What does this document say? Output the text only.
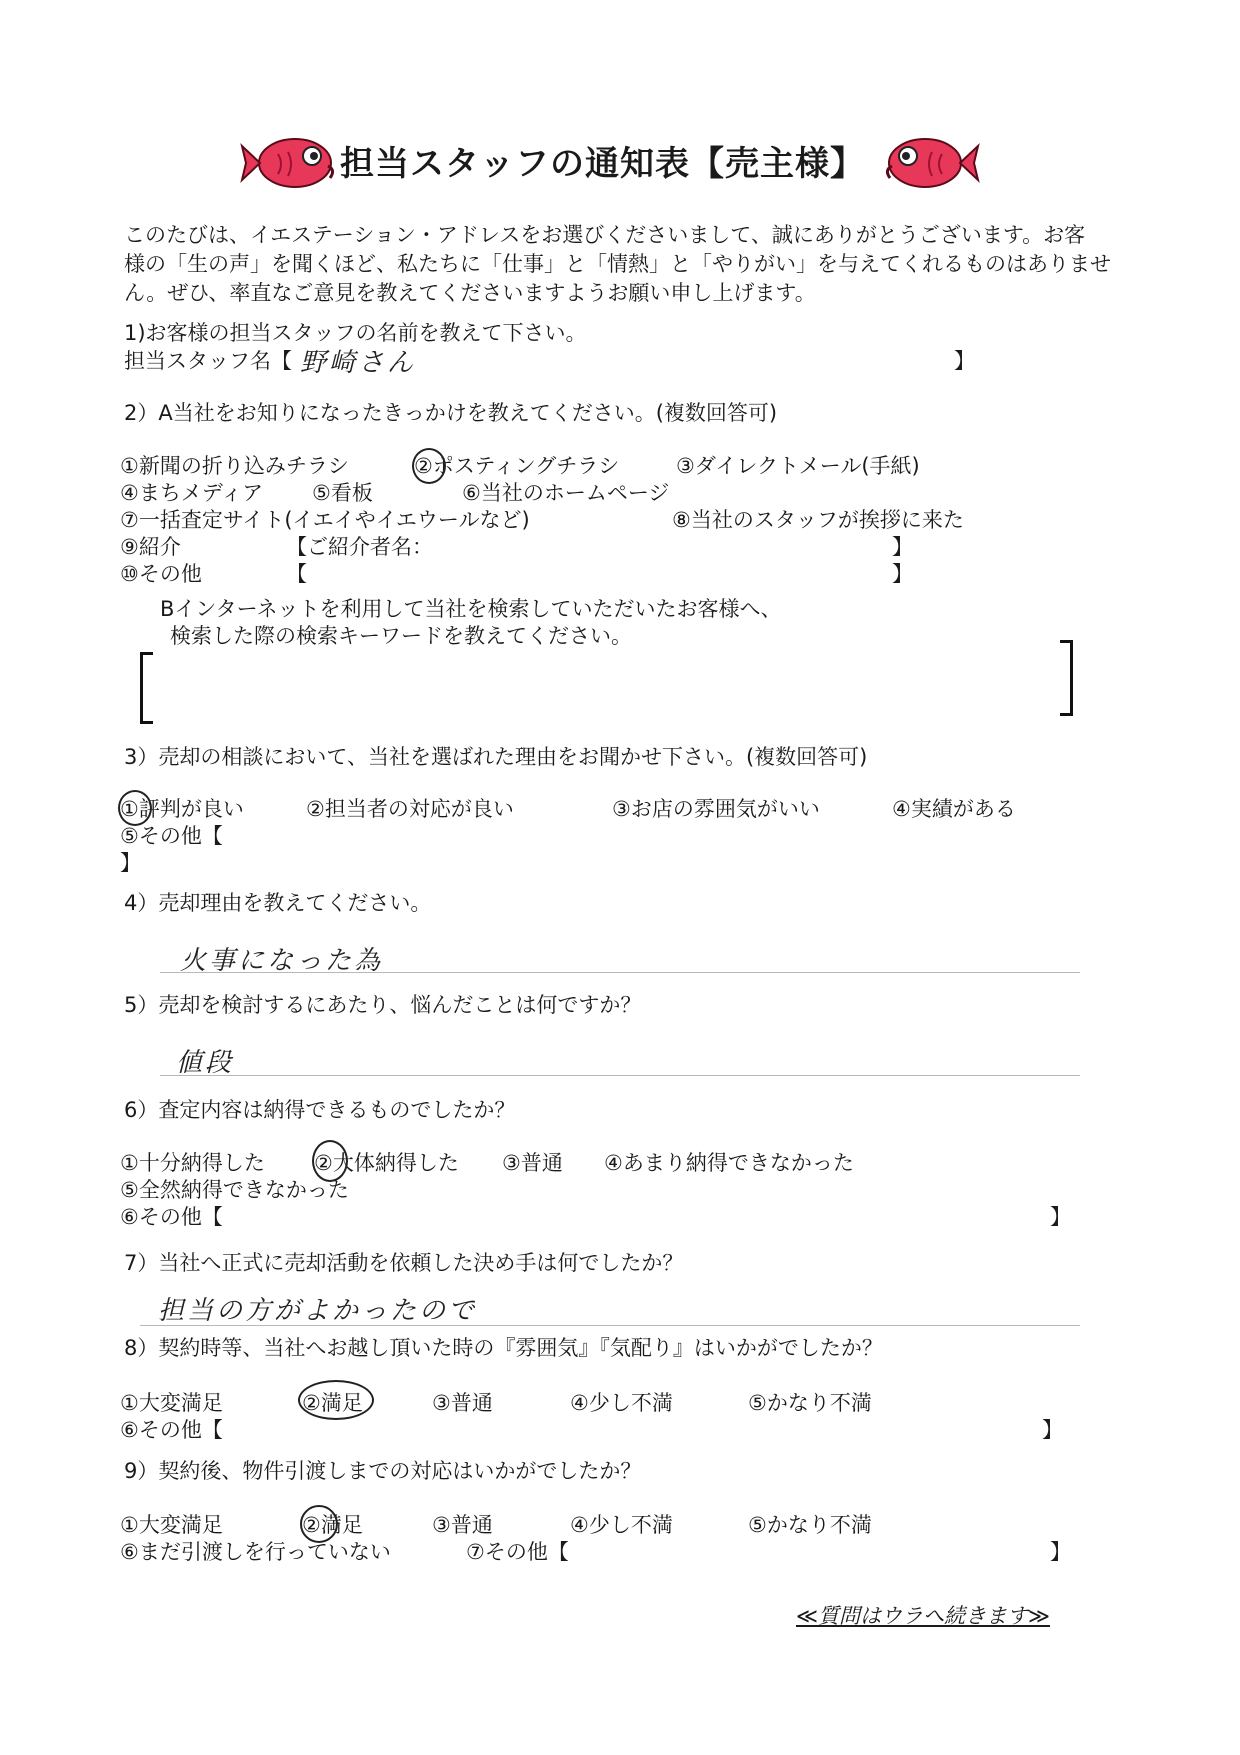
担当スタッフの通知表【売主様】
このたびは、イエステーション・アドレスをお選びくださいまして、誠にありがとうございます。お客
様の「生の声」を聞くほど、私たちに「仕事」と「情熱」と「やりがい」を与えてくれるものはありませ
ん。ぜひ、率直なご意見を教えてくださいますようお願い申し上げます。
1)お客様の担当スタッフの名前を教えて下さい。
担当スタッフ名【 野崎さん	】
2）A当社をお知りになったきっかけを教えてください。(複数回答可)
①新聞の折り込みチラシ	②ポスティングチラシ	③ダイレクトメール(手紙)
④まちメディア ⑤看板	⑥当社のホームページ
⑦一括査定サイト(イエイやイエウールなど)	⑧当社のスタッフが挨拶に来た
⑨紹介	【ご紹介者名：	】
⑩その他	【	】
Bインターネットを利用して当社を検索していただいたお客様へ、
検索した際の検索キーワードを教えてください。
3）売却の相談において、当社を選ばれた理由をお聞かせ下さい。(複数回答可)
①評判が良い	②担当者の対応が良い	③お店の雰囲気がいい	④実績がある
⑤その他【
】
4）売却理由を教えてください。
火事になった為
5）売却を検討するにあたり、悩んだことは何ですか？
値段
6）査定内容は納得できるものでしたか？
①十分納得した ②大体納得した ③普通 ④あまり納得できなかった
⑤全然納得できなかった
⑥その他【	】
7）当社へ正式に売却活動を依頼した決め手は何でしたか？
担当の方がよかったので
8）契約時等、当社へお越し頂いた時の『雰囲気』『気配り』はいかがでしたか？
①大変満足	②満足	③普通	④少し不満	⑤かなり不満
⑥その他【	】
9）契約後、物件引渡しまでの対応はいかがでしたか？
①大変満足	②満足	③普通	④少し不満	⑤かなり不満
⑥まだ引渡しを行っていない	⑦その他【	】
≪質問はウラへ続きます≫
